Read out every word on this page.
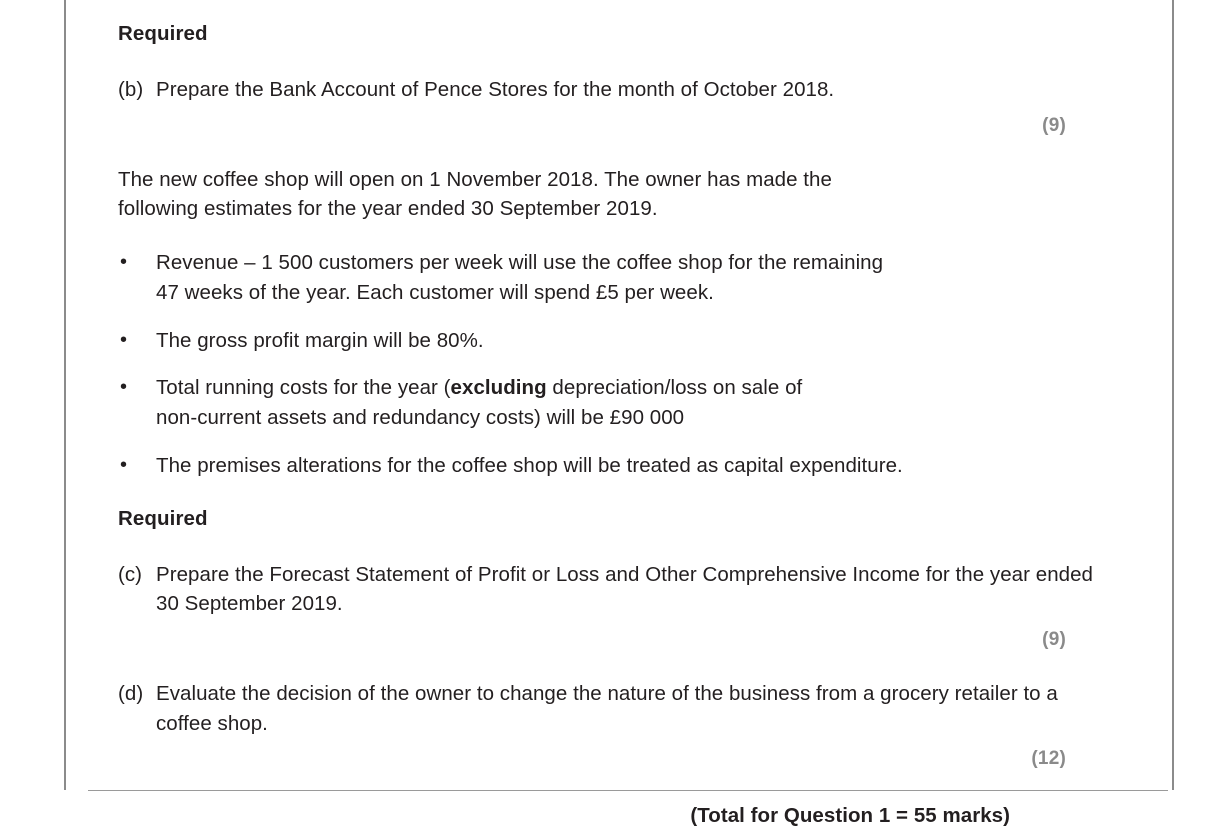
Required
(b) Prepare the Bank Account of Pence Stores for the month of October 2018.
(9)
The new coffee shop will open on 1 November 2018. The owner has made the
following estimates for the year ended 30 September 2019.
•	Revenue – 1 500 customers per week will use the coffee shop for the remaining
47 weeks of the year. Each customer will spend £5 per week.
•	The gross profit margin will be 80%.
•	Total running costs for the year (excluding depreciation/loss on sale of
non-current assets and redundancy costs) will be £90 000
•	The premises alterations for the coffee shop will be treated as capital expenditure.
Required
(c) Prepare the Forecast Statement of Profit or Loss and Other Comprehensive Income for the year ended 30 September 2019.
(9)
(d) Evaluate the decision of the owner to change the nature of the business from a grocery retailer to a coffee shop.
(12)
(Total for Question 1 = 55 marks)
